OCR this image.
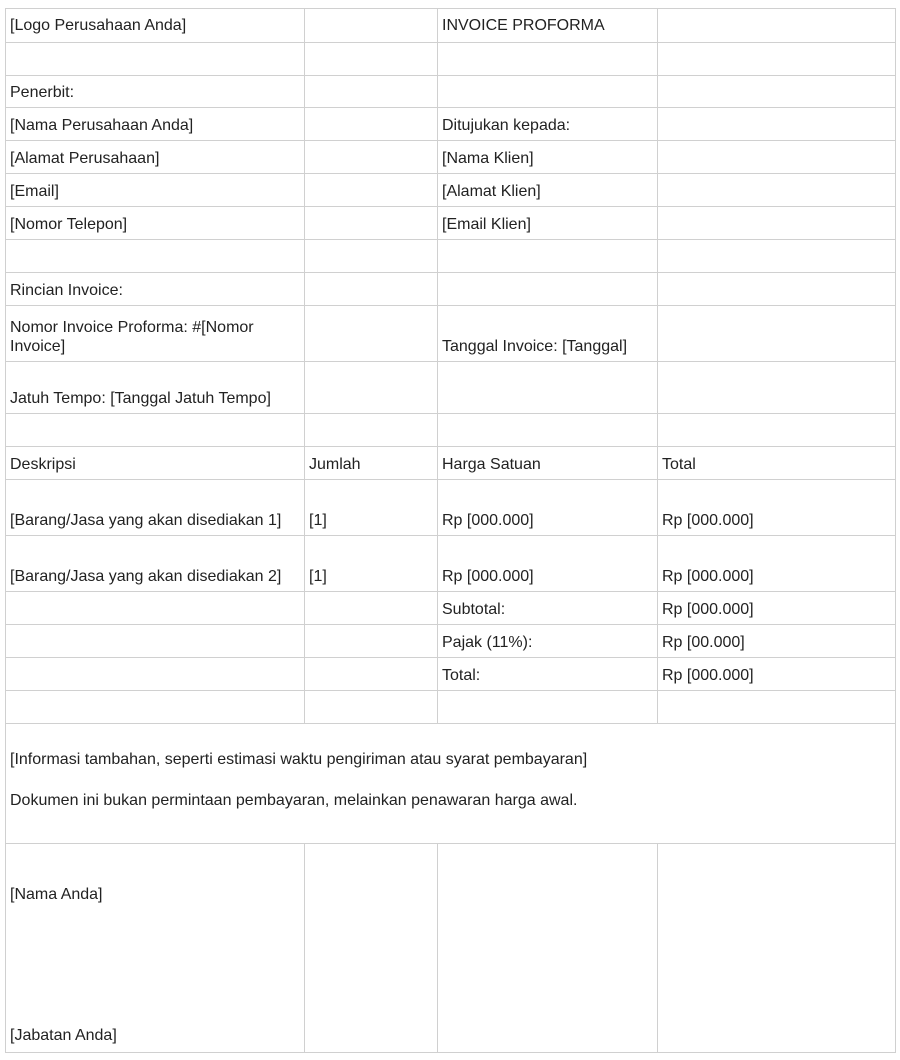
[Logo Perusahaan Anda]		INVOICE PROFORMA	

Penerbit:			
[Nama Perusahaan Anda]		Ditujukan kepada:	
[Alamat Perusahaan]		[Nama Klien]	
[Email]		[Alamat Klien]	
[Nomor Telepon]		[Email Klien]	

Rincian Invoice:			
Nomor Invoice Proforma: #[Nomor Invoice]		Tanggal Invoice: [Tanggal]	
Jatuh Tempo: [Tanggal Jatuh Tempo]			

Deskripsi	Jumlah	Harga Satuan	Total
[Barang/Jasa yang akan disediakan 1]	[1]	Rp [000.000]	Rp [000.000]
[Barang/Jasa yang akan disediakan 2]	[1]	Rp [000.000]	Rp [000.000]
		Subtotal:	Rp [000.000]
		Pajak (11%):	Rp [00.000]
		Total:	Rp [000.000]

[Informasi tambahan, seperti estimasi waktu pengiriman atau syarat pembayaran]

Dokumen ini bukan permintaan pembayaran, melainkan penawaran harga awal.			

[Nama Anda]
[Jabatan Anda]			
